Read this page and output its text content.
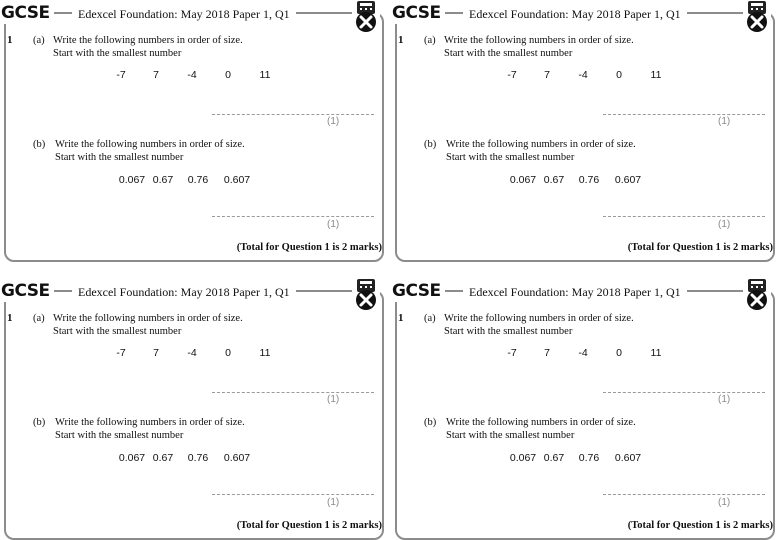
GCSE	Edexcel Foundation: May 2018 Paper 1, Q1
1 (a) Write the following numbers in order of size.
Start with the smallest number
-7	7	-4	0	11
(1)
(b) Write the following numbers in order of size.
Start with the smallest number
0.067 0.67 0.76 0.607
(1)
(Total for Question 1 is 2 marks)
GCSE	Edexcel Foundation: May 2018 Paper 1, Q1
1 (a) Write the following numbers in order of size.
Start with the smallest number
-7	7	-4	0	11
(1)
(b) Write the following numbers in order of size.
Start with the smallest number
0.067 0.67 0.76 0.607
(1)
(Total for Question 1 is 2 marks)
GCSE	Edexcel Foundation: May 2018 Paper 1, Q1
1 (a) Write the following numbers in order of size.
Start with the smallest number
-7	7	-4	0	11
(1)
(b) Write the following numbers in order of size.
Start with the smallest number
0.067 0.67 0.76 0.607
(1)
(Total for Question 1 is 2 marks)
GCSE	Edexcel Foundation: May 2018 Paper 1, Q1
1 (a) Write the following numbers in order of size.
Start with the smallest number
-7	7	-4	0	11
(1)
(b) Write the following numbers in order of size.
Start with the smallest number
0.067 0.67 0.76 0.607
(1)
(Total for Question 1 is 2 marks)
